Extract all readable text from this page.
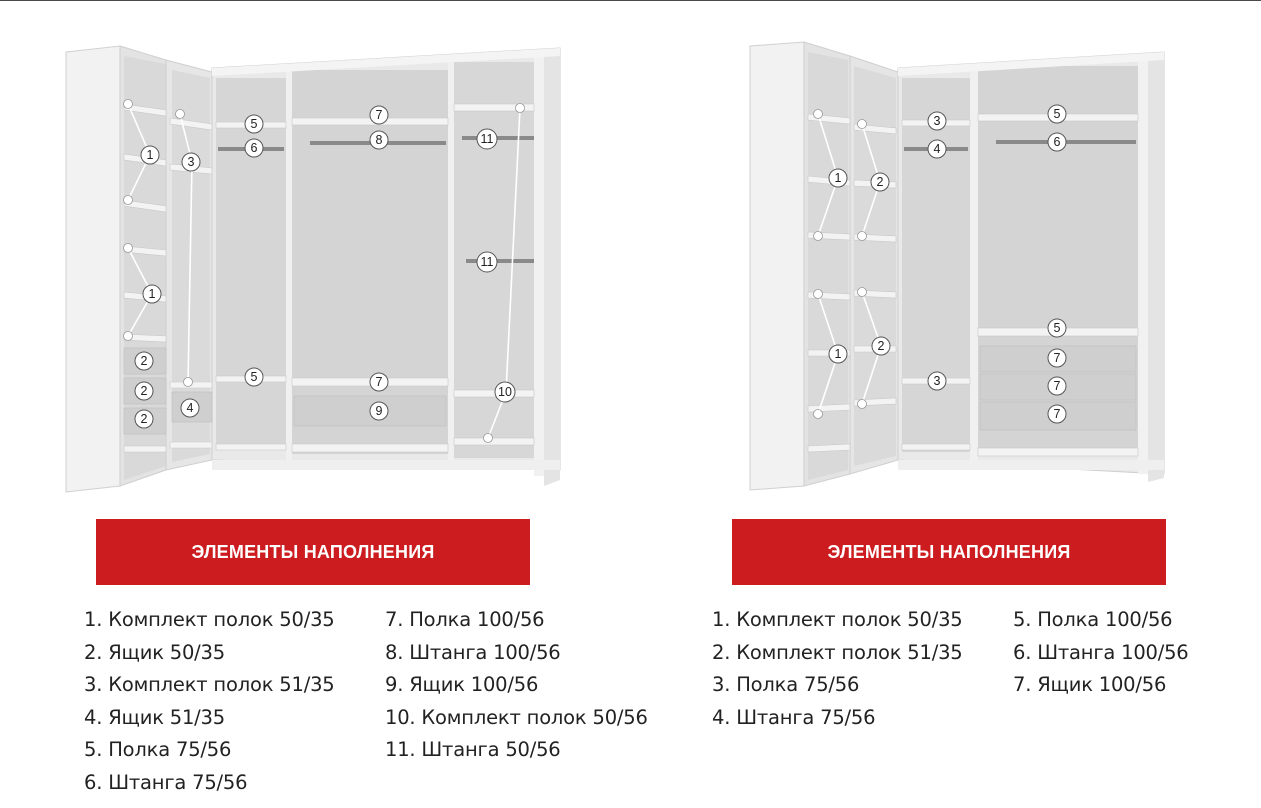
1
1
2
2
2
3
4
5
5
6
7
7
8
9
10
11
11
1
1
2
2
3
3
4
5
5
6
7
7
7
ЭЛЕМЕНТЫ НАПОЛНЕНИЯ	ЭЛЕМЕНТЫ НАПОЛНЕНИЯ
1. Комплект полок 50/35
2. Ящик 50/35
3. Комплект полок 51/35
4. Ящик 51/35
5. Полка 75/56
6. Штанга 75/56
7. Полка 100/56
8. Штанга 100/56
9. Ящик 100/56
10. Комплект полок 50/56
11. Штанга 50/56
1. Комплект полок 50/35
2. Комплект полок 51/35
3. Полка 75/56
4. Штанга 75/56
5. Полка 100/56
6. Штанга 100/56
7. Ящик 100/56
